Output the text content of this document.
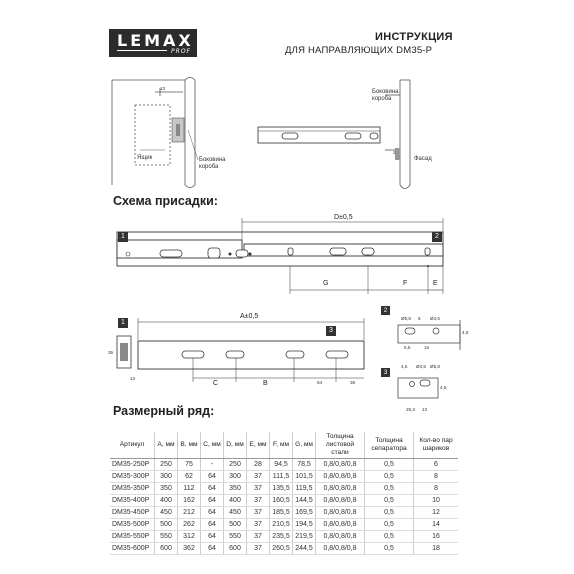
LEMAX
PROF
ИНСТРУКЦИЯ
ДЛЯ НАПРАВЛЯЮЩИХ DM35-P
13
Ящик	Боковина короба
Боковина короба
Фасад
2
Схема присадки:
1	2
D±0,5
G	F	E
1
3
A±0,5
C	B	64	36
35
13
2
Ø5,8	Ø4,5
6
5,5	16
4,5
3
4,5 Ø4,5 Ø5,8
29,3 13
4,5
Размерный ряд:
Артикул	A, мм	B, мм	C, мм	D, мм	E, мм	F, мм	G, мм	Толщина листовой стали	Толщина сепаратора	Кол-во пар шариков
DM35-250P	250	75	-	250	28	94,5	78,5	0,8/0,8/0,8	0,5	6
DM35-300P	300	62	64	300	37	111,5	101,5	0,8/0,8/0,8	0,5	8
DM35-350P	350	112	64	350	37	135,5	119,5	0,8/0,8/0,8	0,5	8
DM35-400P	400	162	64	400	37	160,5	144,5	0,8/0,8/0,8	0,5	10
DM35-450P	450	212	64	450	37	185,5	169,5	0,8/0,8/0,8	0,5	12
DM35-500P	500	262	64	500	37	210,5	194,5	0,8/0,8/0,8	0,5	14
DM35-550P	550	312	64	550	37	235,5	219,5	0,8/0,8/0,8	0,5	16
DM35-600P	600	362	64	600	37	260,5	244,5	0,8/0,8/0,8	0,5	18
